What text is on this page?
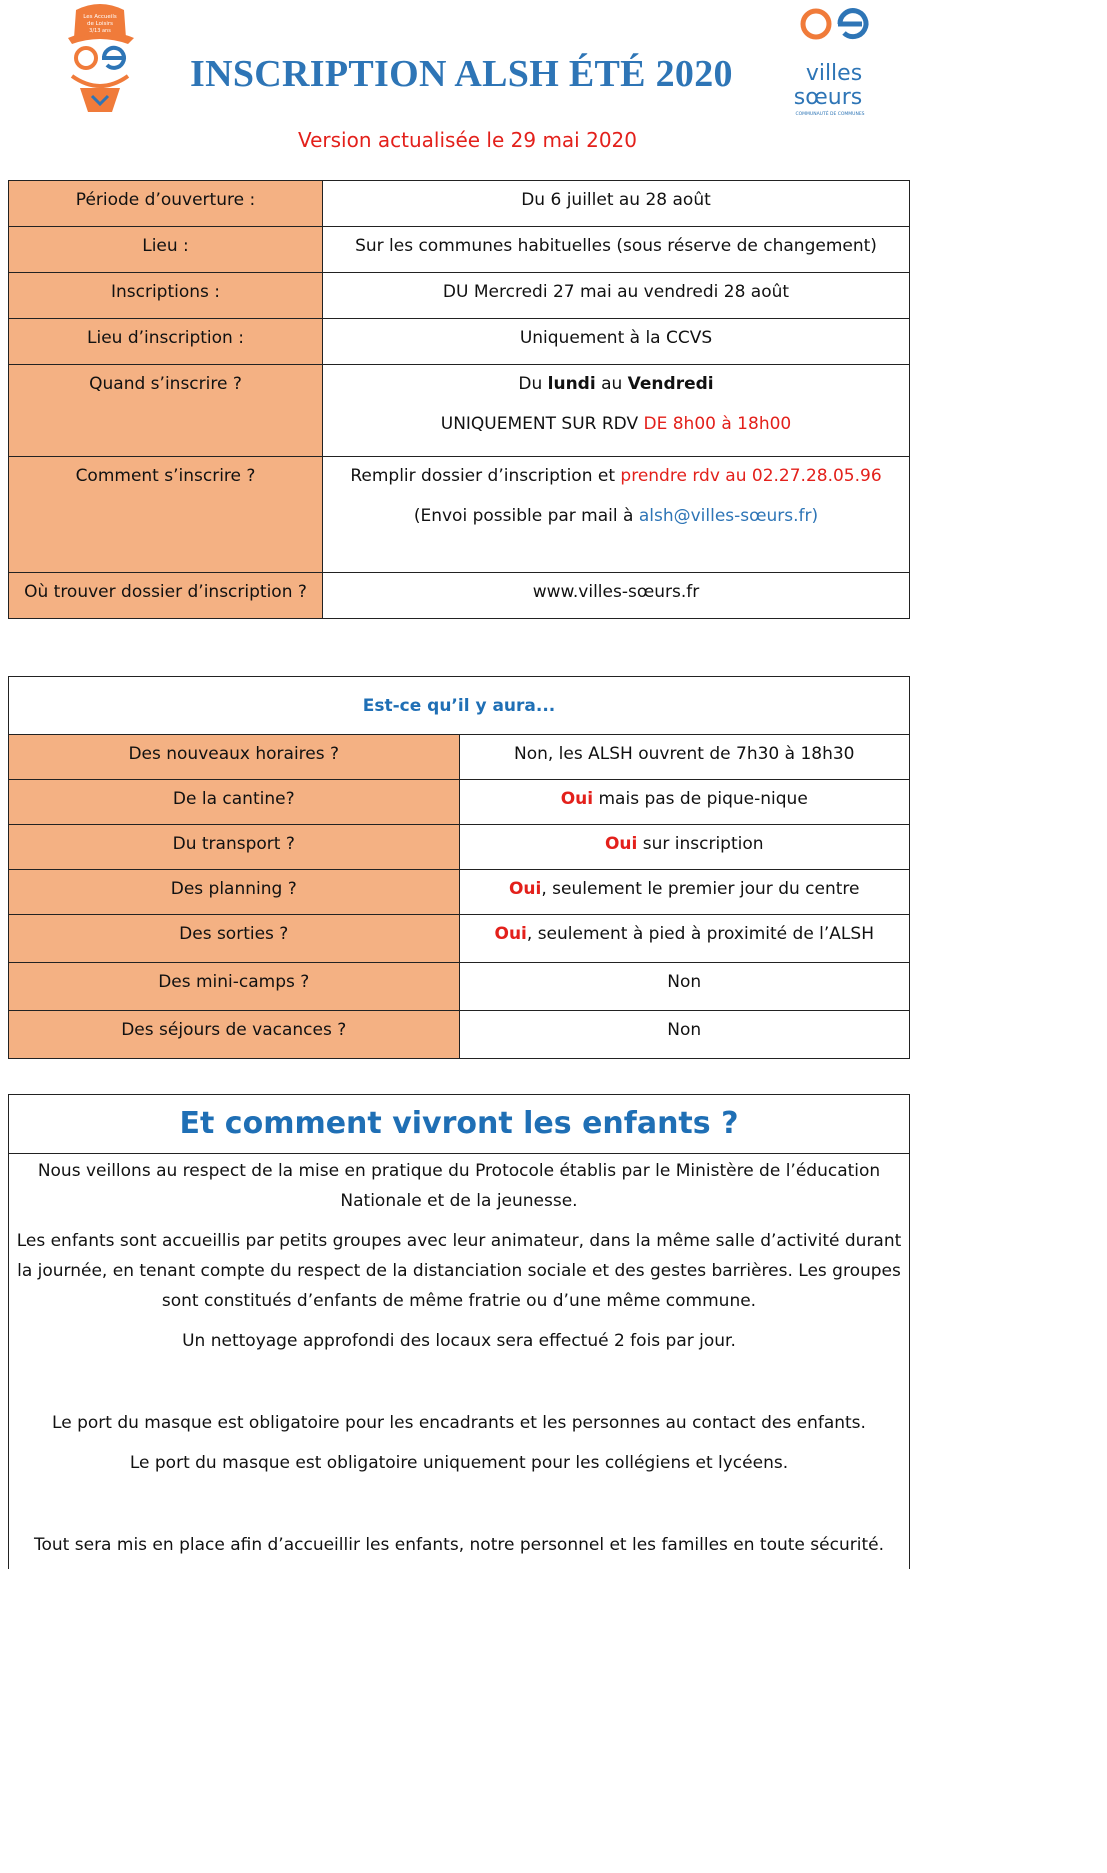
Les Accueils
de Loisirs
3/13 ans
INSCRIPTION ALSH ÉTÉ 2020	villes
sœurs
COMMUNAUTÉ DE COMMUNES
Version actualisée le 29 mai 2020
Période d’ouverture :	Du 6 juillet au 28 août

Lieu :	Sur les communes habituelles (sous réserve de changement)

Inscriptions :	DU Mercredi 27 mai au vendredi 28 août

Lieu d’inscription :	Uniquement à la CCVS

Quand s’inscrire ?	Du lundi au Vendredi
UNIQUEMENT SUR RDV DE 8h00 à 18h00

Comment s’inscrire ?	Remplir dossier d’inscription et prendre rdv au 02.27.28.05.96
(Envoi possible par mail à alsh@villes-sœurs.fr)

Où trouver dossier d’inscription ?	www.villes-sœurs.fr
Est-ce qu’il y aura...	

Des nouveaux horaires ?	Non, les ALSH ouvrent de 7h30 à 18h30

De la cantine?	Oui mais pas de pique-nique

Du transport ?	Oui sur inscription

Des planning ?	Oui, seulement le premier jour du centre

Des sorties ?	Oui, seulement à pied à proximité de l’ALSH

Des mini-camps ?	Non

Des séjours de vacances ?	Non
Et comment vivront les enfants ?
Nous veillons au respect de la mise en pratique du Protocole établis par le Ministère de l’éducation Nationale et de la jeunesse.
Les enfants sont accueillis par petits groupes avec leur animateur, dans la même salle d’activité durant la journée, en tenant compte du respect de la distanciation sociale et des gestes barrières. Les groupes sont constitués d’enfants de même fratrie ou d’une même commune.
Un nettoyage approfondi des locaux sera effectué 2 fois par jour.
Le port du masque est obligatoire pour les encadrants et les personnes au contact des enfants.
Le port du masque est obligatoire uniquement pour les collégiens et lycéens.
Tout sera mis en place afin d’accueillir les enfants, notre personnel et les familles en toute sécurité.
